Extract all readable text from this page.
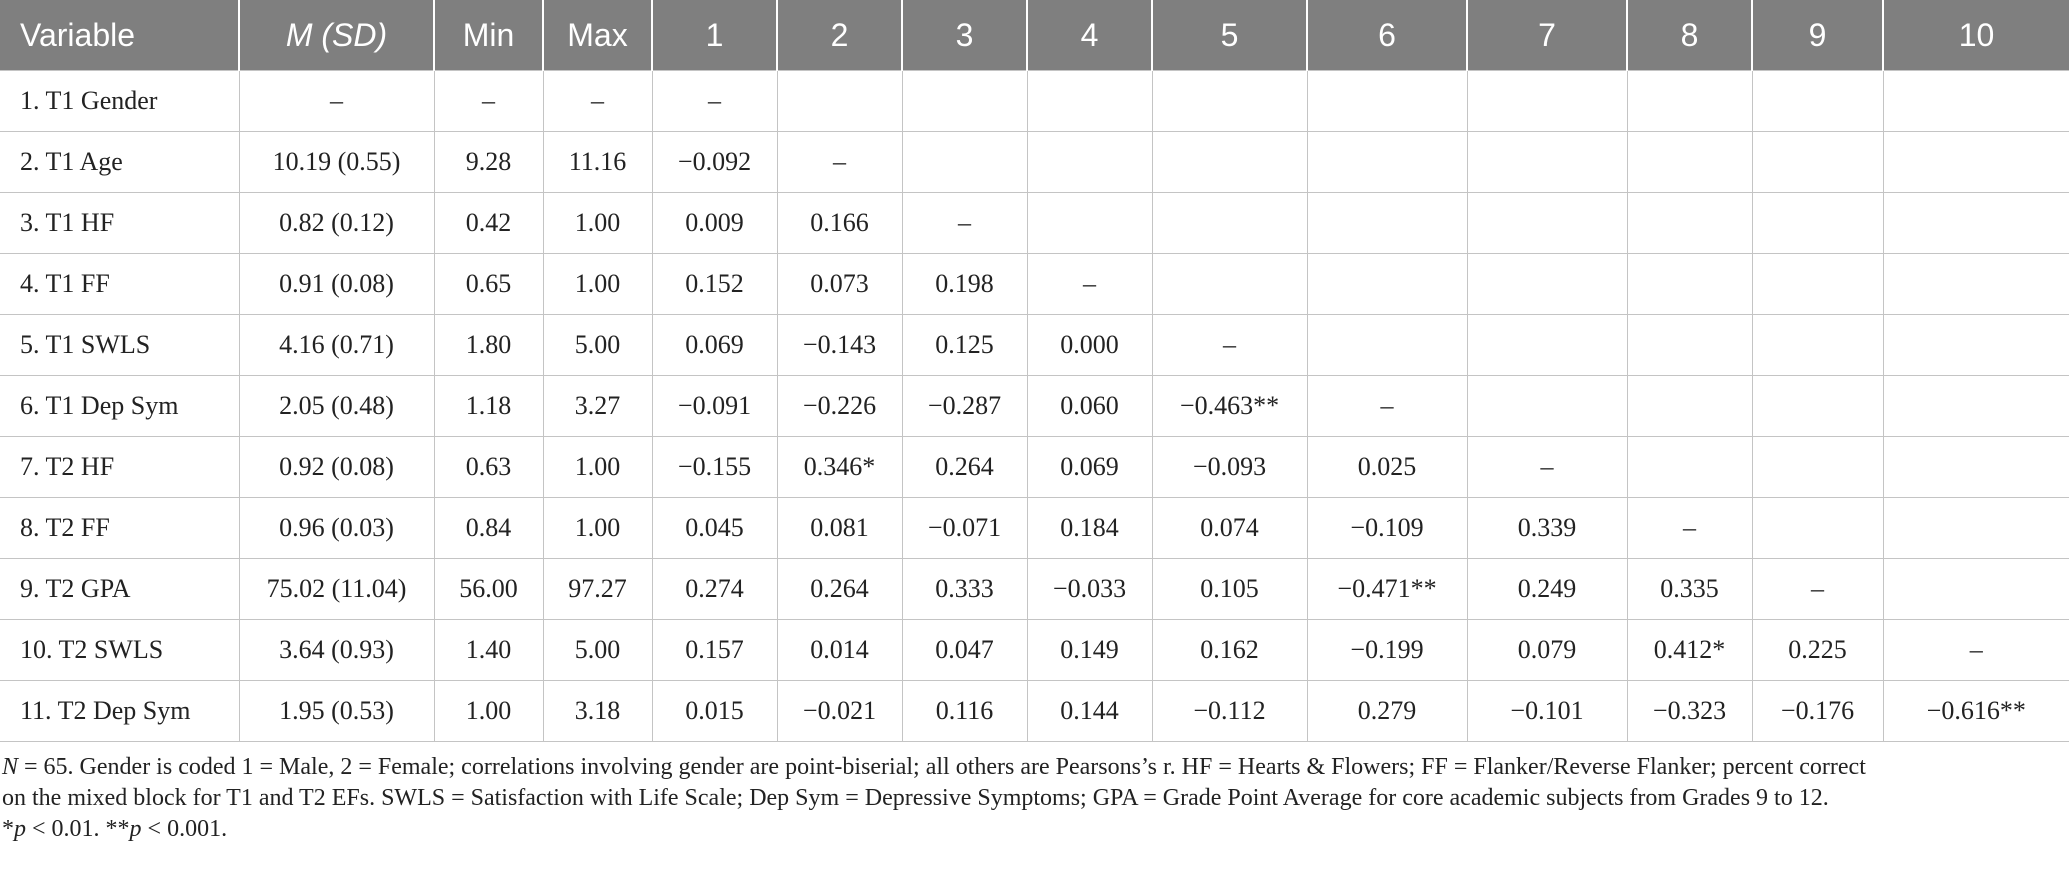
Variable	M (SD)	Min	Max	1	2	3	4	5	6	7	8	9	10
1. T1 Gender	–	–	–	–									
2. T1 Age	10.19 (0.55)	9.28	11.16	−0.092	–								
3. T1 HF	0.82 (0.12)	0.42	1.00	0.009	0.166	–							
4. T1 FF	0.91 (0.08)	0.65	1.00	0.152	0.073	0.198	–						
5. T1 SWLS	4.16 (0.71)	1.80	5.00	0.069	−0.143	0.125	0.000	–					
6. T1 Dep Sym	2.05 (0.48)	1.18	3.27	−0.091	−0.226	−0.287	0.060	−0.463**	–				
7. T2 HF	0.92 (0.08)	0.63	1.00	−0.155	0.346*	0.264	0.069	−0.093	0.025	–			
8. T2 FF	0.96 (0.03)	0.84	1.00	0.045	0.081	−0.071	0.184	0.074	−0.109	0.339	–		
9. T2 GPA	75.02 (11.04)	56.00	97.27	0.274	0.264	0.333	−0.033	0.105	−0.471**	0.249	0.335	–	
10. T2 SWLS	3.64 (0.93)	1.40	5.00	0.157	0.014	0.047	0.149	0.162	−0.199	0.079	0.412*	0.225	–
11. T2 Dep Sym	1.95 (0.53)	1.00	3.18	0.015	−0.021	0.116	0.144	−0.112	0.279	−0.101	−0.323	−0.176	−0.616**

N = 65. Gender is coded 1 = Male, 2 = Female; correlations involving gender are point-biserial; all others are Pearsons’s r. HF = Hearts & Flowers; FF = Flanker/Reverse Flanker; percent correct
on the mixed block for T1 and T2 EFs. SWLS = Satisfaction with Life Scale; Dep Sym = Depressive Symptoms; GPA = Grade Point Average for core academic subjects from Grades 9 to 12.
*p < 0.01. **p < 0.001.
